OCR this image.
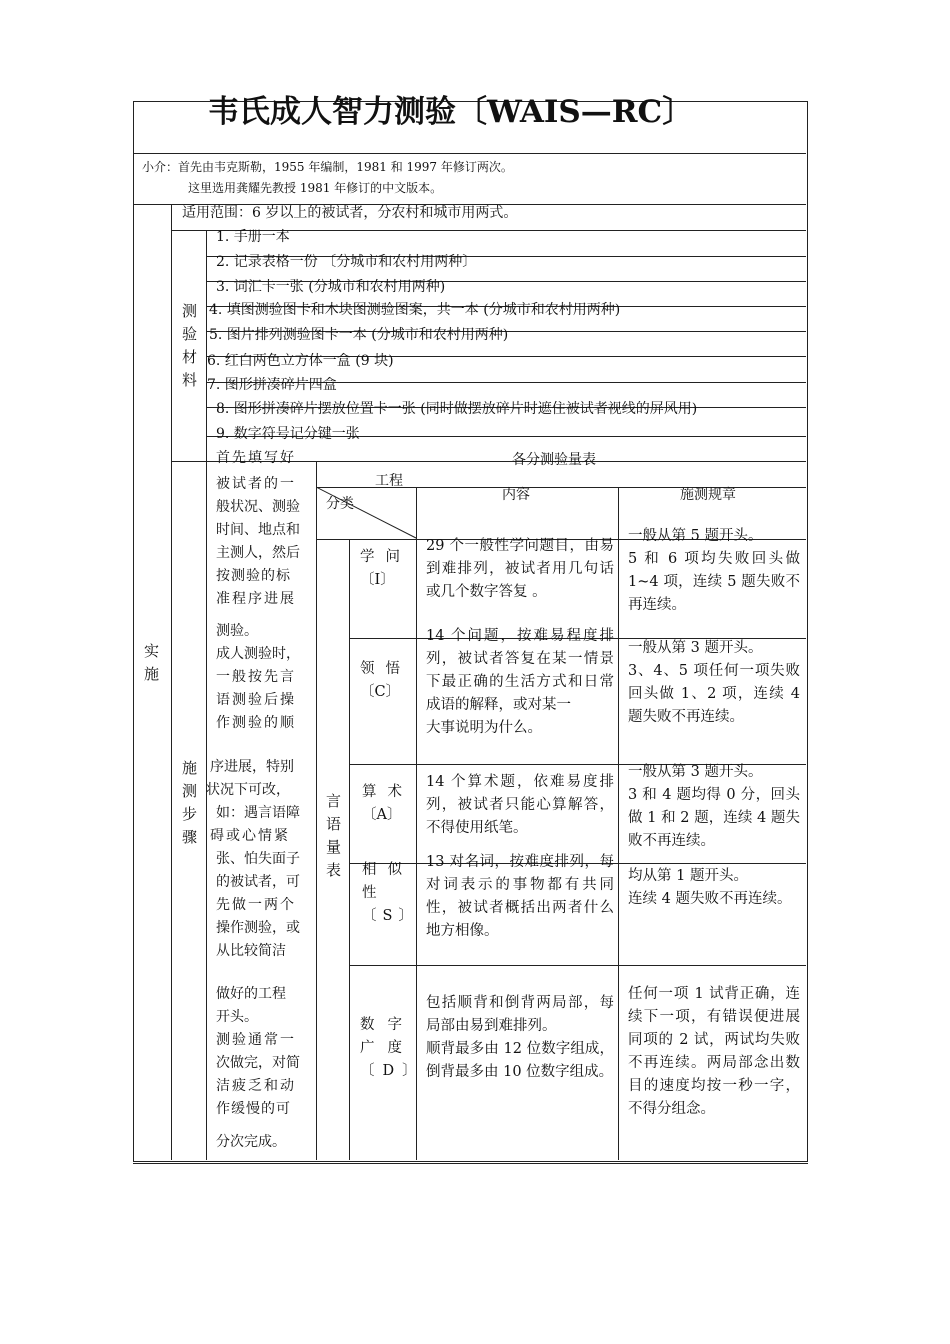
韦氏成人智力测验〔WAIS—RC〕
小介：首先由韦克斯勒，1955 年编制，1981 和 1997 年修订两次。
这里选用龚耀先教授 1981 年修订的中文版本。
实施
适用范围：6 岁以上的被试者，分农村和城市用两式。
测验材料
1. 手册一本
2. 记录表格一份 〔分城市和农村用两种〕
3. 词汇卡一张 (分城市和农村用两种)
4. 填图测验图卡和木块图测验图案，共一本 (分城市和农村用两种)
5. 图片排列测验图卡一本 (分城市和农村用两种)
6. 红白两色立方体一盒 (9 块)
7. 图形拼凑碎片四盒
8. 图形拼凑碎片摆放位置卡一张 (同时做摆放碎片时遮住被试者视线的屏风用)
9. 数字符号记分键一张
施测步骤
首先填写好
被试者的一
般状况、测验
时间、地点和
主测人，然后
按测验的标
准程序进展
测验。
成人测验时，
一般按先言
语测验后操
作测验的顺
序进展，特别
状况下可改，
如：遇言语障
碍或心情紧
张、怕失面子
的被试者，可
先做一两个
操作测验，或
从比较简洁
做好的工程
开头。
测验通常一
次做完，对简
洁疲乏和动
作缓慢的可
分次完成。
各分测验量表
工程
分类
内容	施测规章
言语量表
学问〔I〕
29 个一般性学问题目，由易到难排列，被试者用几句话或几个数字答复 。
一般从第 5 题开头。
5 和 6 项均失败回头做1~4 项，连续 5 题失败不再连续。
领悟〔C〕
14 个问题，按难易程度排列，被试者答复在某一情景下最正确的生活方式和日常成语的解释，或对某一
大事说明为什么。
一般从第 3 题开头。
3、4、5 项任何一项失败回头做 1、2 项，连续 4 题失败不再连续。
算术〔A〕
14 个算术题，依难易度排列，被试者只能心算解答，不得使用纸笔。
一般从第 3 题开头。
3 和 4 题均得 0 分，回头做 1 和 2 题，连续 4 题失败不再连续。
相似性〔S〕
13 对名词，按难度排列，每对词表示的事物都有共同性，被试者概括出两者什么地方相像。
均从第 1 题开头。
连续 4 题失败不再连续。
数字广度〔D〕
包括顺背和倒背两局部，每局部由易到难排列。
顺背最多由 12 位数字组成，倒背最多由 10 位数字组成。
任何一项 1 试背正确，连续下一项，有错误便进展同项的 2 试，两试均失败不再连续。两局部念出数目的速度均按一秒一字，不得分组念。
